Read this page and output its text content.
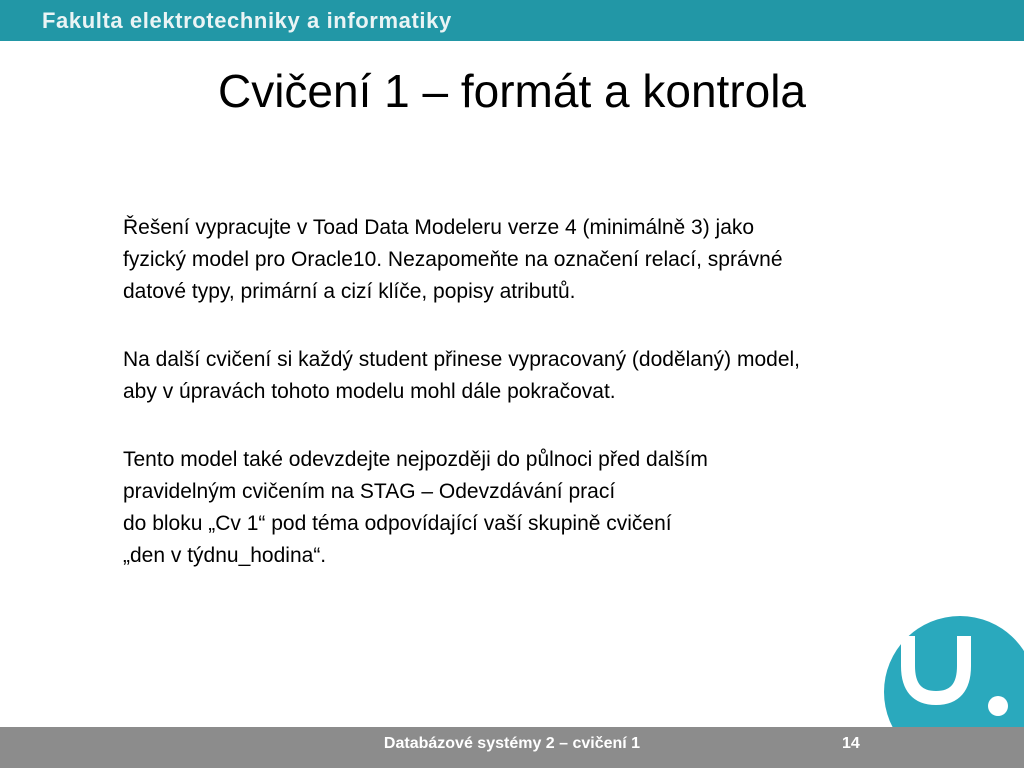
Fakulta elektrotechniky a informatiky
Cvičení 1 – formát a kontrola

Řešení vypracujte v Toad Data Modeleru verze 4 (minimálně 3) jako
fyzický model pro Oracle10. Nezapomeňte na označení relací, správné
datové typy, primární a cizí klíče, popisy atributů.

Na další cvičení si každý student přinese vypracovaný (dodělaný) model,
aby v úpravách tohoto modelu mohl dále pokračovat.

Tento model také odevzdejte nejpozději do půlnoci před dalším
pravidelným cvičením na STAG – Odevzdávání prací
do bloku „Cv 1“ pod téma odpovídající vaší skupině cvičení
„den v týdnu_hodina“.

Databázové systémy 2 – cvičení 1	14
